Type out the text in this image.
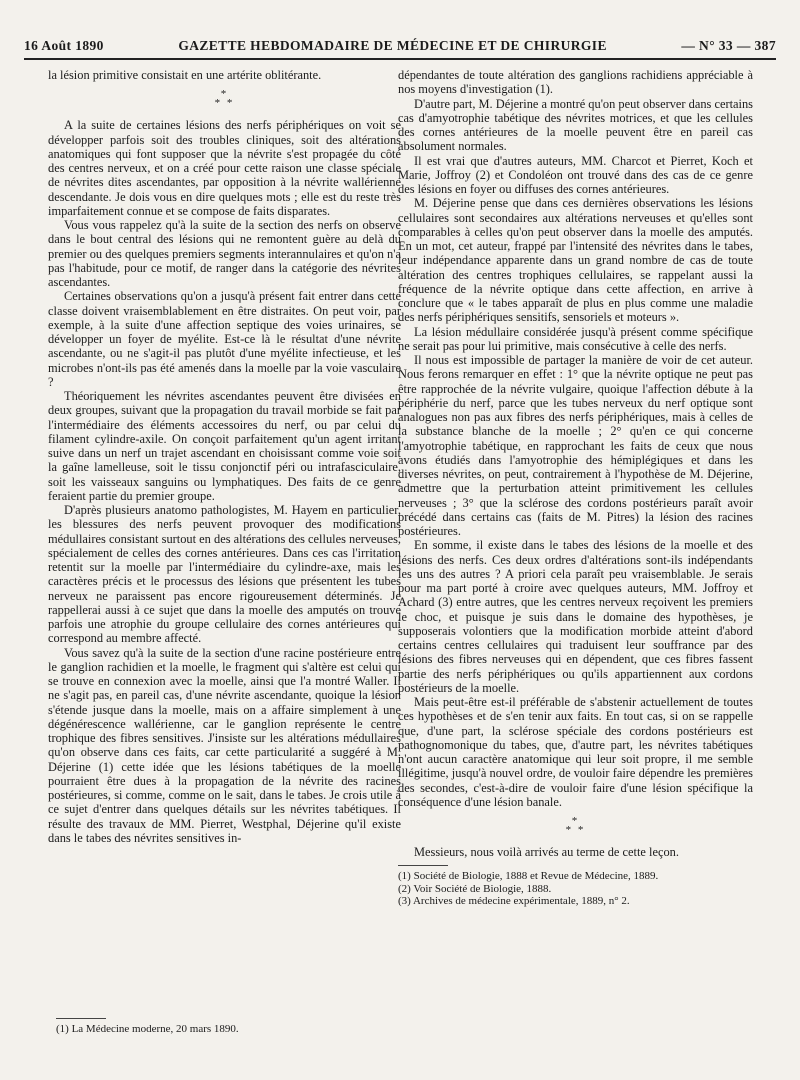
16 Août 1890	GAZETTE HEBDOMADAIRE DE MÉDECINE ET DE CHIRURGIE	— N° 33 — 387

la lésion primitive consistait en une artérite oblitérante.

*
* *

A la suite de certaines lésions des nerfs périphériques on voit se développer parfois soit des troubles cliniques, soit des altérations anatomiques qui font supposer que la névrite s'est propagée du côté des centres nerveux, et on a créé pour cette raison une classe spéciale de névrites dites ascendantes, par opposition à la névrite wallérienne descendante. Je dois vous en dire quelques mots ; elle est du reste très imparfaitement connue et se compose de faits disparates.

Vous vous rappelez qu'à la suite de la section des nerfs on observe dans le bout central des lésions qui ne remontent guère au delà du premier ou des quelques premiers segments interannulaires et qu'on n'a pas l'habitude, pour ce motif, de ranger dans la catégorie des névrites ascendantes.

Certaines observations qu'on a jusqu'à présent fait entrer dans cette classe doivent vraisemblablement en être distraites. On peut voir, par exemple, à la suite d'une affection septique des voies urinaires, se développer un foyer de myélite. Est-ce là le résultat d'une névrite ascendante, ou ne s'agit-il pas plutôt d'une myélite infectieuse, et les microbes n'ont-ils pas été amenés dans la moelle par la voie vasculaire ?

Théoriquement les névrites ascendantes peuvent être divisées en deux groupes, suivant que la propagation du travail morbide se fait par l'intermédiaire des éléments accessoires du nerf, ou par celui du filament cylindre-axile. On conçoit parfaitement qu'un agent irritant suive dans un nerf un trajet ascendant en choisissant comme voie soit la gaîne lamelleuse, soit le tissu conjonctif péri ou intrafasciculaire, soit les vaisseaux sanguins ou lymphatiques. Des faits de ce genre feraient partie du premier groupe.

D'après plusieurs anatomo pathologistes, M. Hayem en particulier, les blessures des nerfs peuvent provoquer des modifications médullaires consistant surtout en des altérations des cellules nerveuses, spécialement de celles des cornes antérieures. Dans ces cas l'irritation retentit sur la moelle par l'intermédiaire du cylindre-axe, mais les caractères précis et le processus des lésions que présentent les tubes nerveux ne paraissent pas encore rigoureusement déterminés. Je rappellerai aussi à ce sujet que dans la moelle des amputés on trouve parfois une atrophie du groupe cellulaire des cornes antérieures qui correspond au membre affecté.

Vous savez qu'à la suite de la section d'une racine postérieure entre le ganglion rachidien et la moelle, le fragment qui s'altère est celui qui se trouve en connexion avec la moelle, ainsi que l'a montré Waller. Il ne s'agit pas, en pareil cas, d'une névrite ascendante, quoique la lésion s'étende jusque dans la moelle, mais on a affaire simplement à une dégénérescence wallérienne, car le ganglion représente le centre trophique des fibres sensitives. J'insiste sur les altérations médullaires qu'on observe dans ces faits, car cette particularité a suggéré à M. Déjerine (1) cette idée que les lésions tabétiques de la moelle pourraient être dues à la propagation de la névrite des racines postérieures, si comme, comme on le sait, dans le tabes. Je crois utile à ce sujet d'entrer dans quelques détails sur les névrites tabétiques. Il résulte des travaux de MM. Pierret, Westphal, Déjerine qu'il existe dans le tabes des névrites sensitives in-

(1) La Médecine moderne, 20 mars 1890.

dépendantes de toute altération des ganglions rachidiens appréciable à nos moyens d'investigation (1).

D'autre part, M. Déjerine a montré qu'on peut observer dans certains cas d'amyotrophie tabétique des névrites motrices, et que les cellules des cornes antérieures de la moelle peuvent être en pareil cas absolument normales.

Il est vrai que d'autres auteurs, MM. Charcot et Pierret, Koch et Marie, Joffroy (2) et Condoléon ont trouvé dans des cas de ce genre des lésions en foyer ou diffuses des cornes antérieures.

M. Déjerine pense que dans ces dernières observations les lésions cellulaires sont secondaires aux altérations nerveuses et qu'elles sont comparables à celles qu'on peut observer dans la moelle des amputés. En un mot, cet auteur, frappé par l'intensité des névrites dans le tabes, leur indépendance apparente dans un grand nombre de cas de toute altération des centres trophiques cellulaires, se rappelant aussi la fréquence de la névrite optique dans cette affection, en arrive à conclure que « le tabes apparaît de plus en plus comme une maladie des nerfs périphériques sensitifs, sensoriels et moteurs ».

La lésion médullaire considérée jusqu'à présent comme spécifique ne serait pas pour lui primitive, mais consécutive à celle des nerfs.

Il nous est impossible de partager la manière de voir de cet auteur. Nous ferons remarquer en effet : 1° que la névrite optique ne peut pas être rapprochée de la névrite vulgaire, quoique l'affection débute à la périphérie du nerf, parce que les tubes nerveux du nerf optique sont analogues non pas aux fibres des nerfs périphériques, mais à celles de la substance blanche de la moelle ; 2° qu'en ce qui concerne l'amyotrophie tabétique, en rapprochant les faits de ceux que nous avons étudiés dans l'amyotrophie des hémiplégiques et dans les diverses névrites, on peut, contrairement à l'hypothèse de M. Déjerine, admettre que la perturbation atteint primitivement les cellules nerveuses ; 3° que la sclérose des cordons postérieurs paraît avoir précédé dans certains cas (faits de M. Pitres) la lésion des racines postérieures.

En somme, il existe dans le tabes des lésions de la moelle et des lésions des nerfs. Ces deux ordres d'altérations sont-ils indépendants les uns des autres ? A priori cela paraît peu vraisemblable. Je serais pour ma part porté à croire avec quelques auteurs, MM. Joffroy et Achard (3) entre autres, que les centres nerveux reçoivent les premiers le choc, et puisque je suis dans le domaine des hypothèses, je supposerais volontiers que la modification morbide atteint d'abord certains centres cellulaires qui traduisent leur souffrance par des lésions des fibres nerveuses qui en dépendent, que ces fibres fassent partie des nerfs périphériques ou qu'ils appartiennent aux cordons postérieurs de la moelle.

Mais peut-être est-il préférable de s'abstenir actuellement de toutes ces hypothèses et de s'en tenir aux faits. En tout cas, si on se rappelle que, d'une part, la sclérose spéciale des cordons postérieurs est pathognomonique du tabes, que, d'autre part, les névrites tabétiques n'ont aucun caractère anatomique qui leur soit propre, il me semble illégitime, jusqu'à nouvel ordre, de vouloir faire dépendre les premières des secondes, c'est-à-dire de vouloir faire d'une lésion spécifique la conséquence d'une lésion banale.

*
* *

Messieurs, nous voilà arrivés au terme de cette leçon.

(1) Société de Biologie, 1888 et Revue de Médecine, 1889.

(2) Voir Société de Biologie, 1888.

(3) Archives de médecine expérimentale, 1889, n° 2.
